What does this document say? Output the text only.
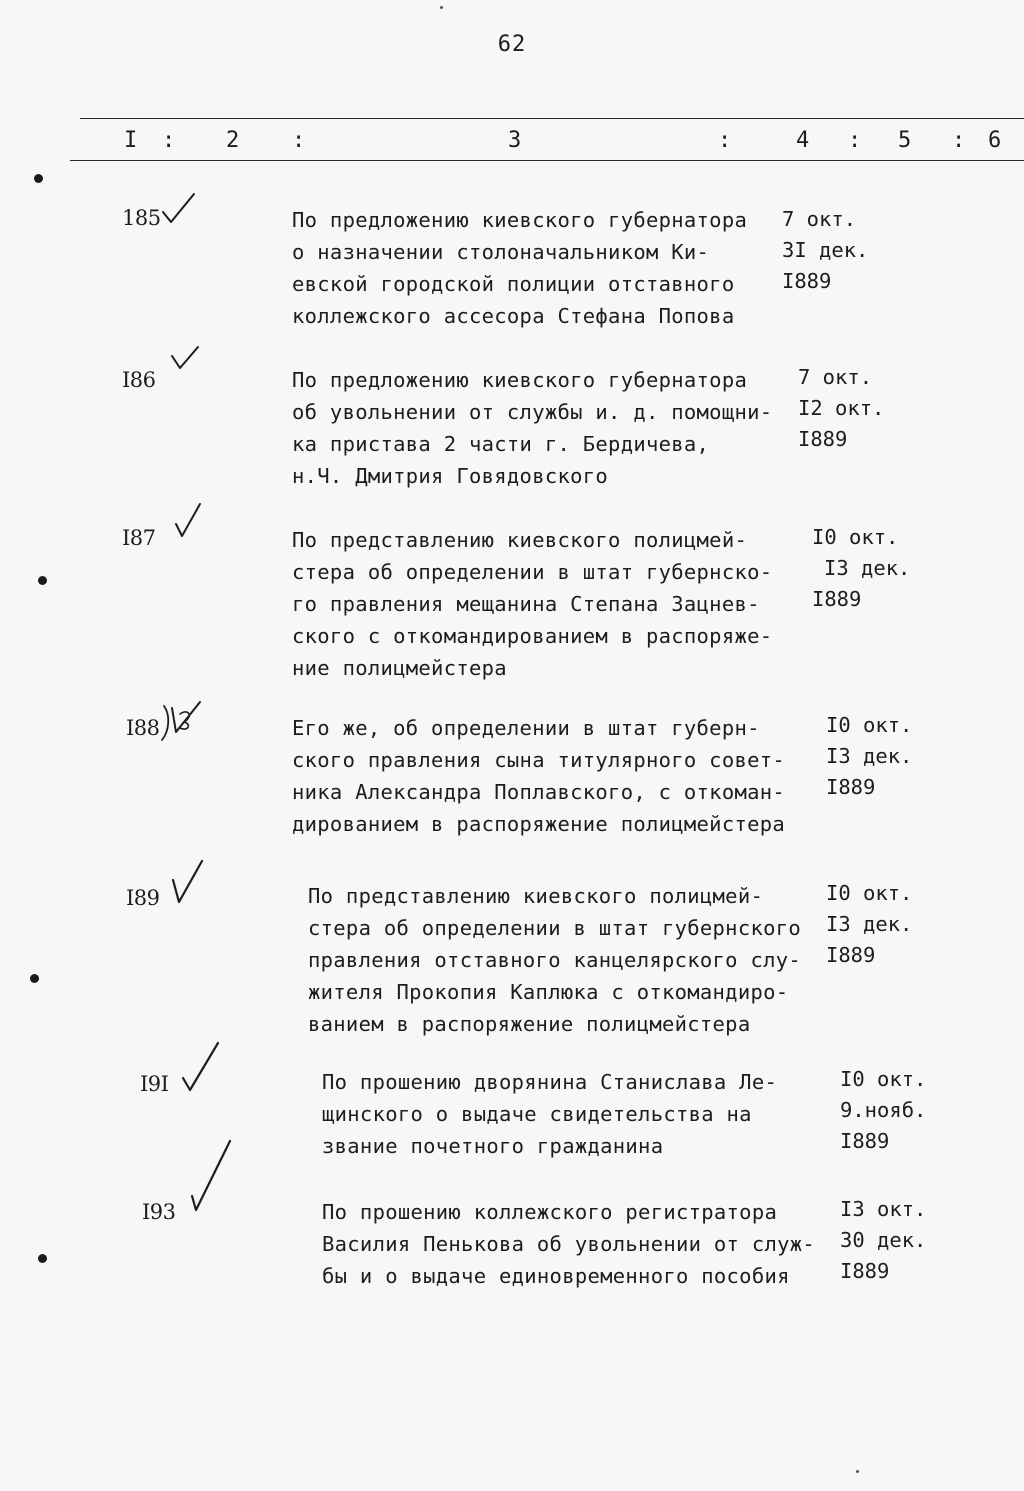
62
I : 2 :	3	:	4 : 5 : 6
185	По предложению киевского губернатора
о назначении столоначальником Ки-
евской городской полиции отставного
коллежского ассесора Стефана Попова
7 окт.
3I дек.
I889
I86	По предложению киевского губернатора
об увольнении от службы и. д. помощни-
ка пристава 2 части г. Бердичева,
н.Ч. Дмитрия Говядовского
7 окт.
I2 окт.
I889
I87	По представлению киевского полицмей-
стера об определении в штат губернско-
го правления мещанина Степана Зацнев-
ского с откомандированием в распоряже-
ние полицмейстера
I0 окт.
I3 дек.
I889
I88	Его же, об определении в штат губерн-
ского правления сына титулярного совет-
ника Александра Поплавского, с откоман-
дированием в распоряжение полицмейстера
I0 окт.
I3 дек.
I889
I89	По представлению киевского полицмей-
стера об определении в штат губернского
правления отставного канцелярского слу-
жителя Прокопия Каплюка с откомандиро-
ванием в распоряжение полицмейстера
I0 окт.
I3 дек.
I889
I9I	По прошению дворянина Станислава Ле-
щинского о выдаче свидетельства на
звание почетного гражданина
I0 окт.
9.нояб.
I889
I93	По прошению коллежского регистратора
Василия Пенькова об увольнении от служ-
бы и о выдаче единовременного пособия
I3 окт.
30 дек.
I889
